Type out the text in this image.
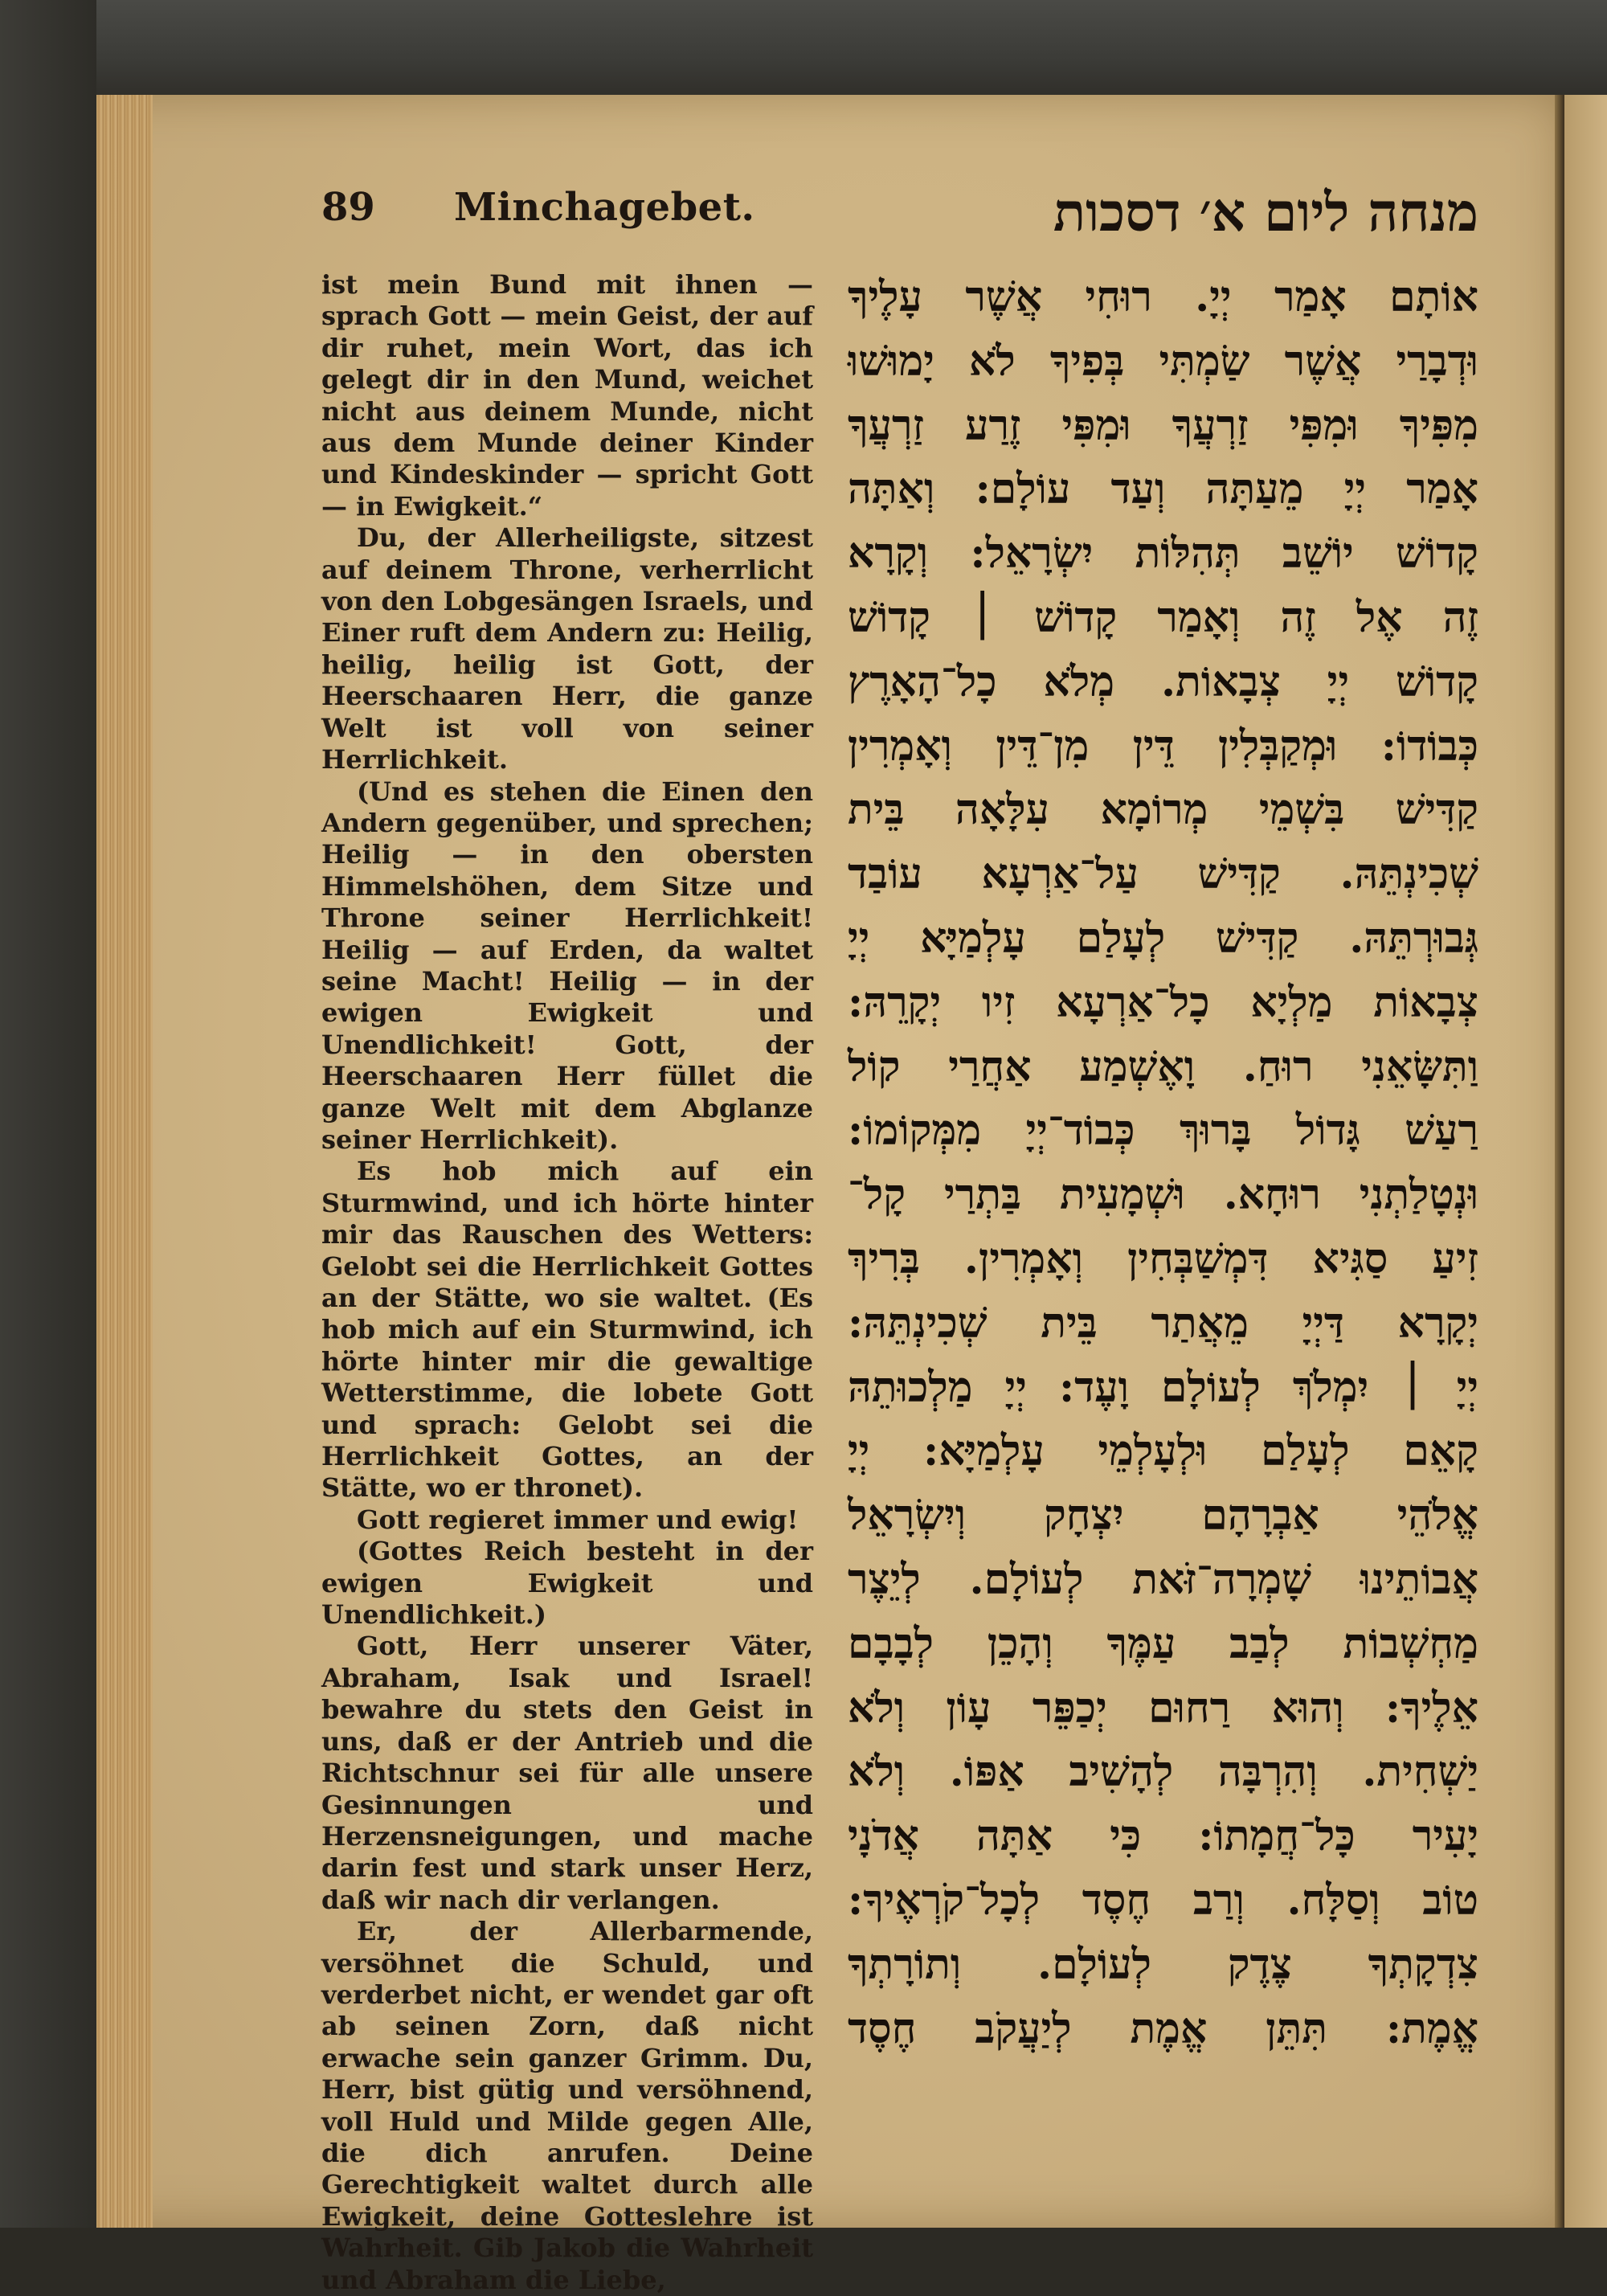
89 Minchagebet.	מנחה ליום א׳ דסכות

ist mein Bund mit ihnen — sprach Gott — mein Geist, der auf dir ruhet, mein Wort, das ich gelegt dir in den Mund, weichet nicht aus deinem Munde, nicht aus dem Munde deiner Kinder und Kindeskinder — spricht Gott — in Ewigkeit.“

Du, der Allerheiligste, sitzest auf deinem Throne, verherrlicht von den Lobgesängen Israels, und Einer ruft dem Andern zu: Heilig, heilig, heilig ist Gott, der Heerschaaren Herr, die ganze Welt ist voll von seiner Herrlichkeit.

(Und es stehen die Einen den Andern gegenüber, und sprechen; Heilig — in den obersten Himmelshöhen, dem Sitze und Throne seiner Herrlichkeit! Heilig — auf Erden, da waltet seine Macht! Heilig — in der ewigen Ewigkeit und Unendlichkeit! Gott, der Heerschaaren Herr füllet die ganze Welt mit dem Abglanze seiner Herrlichkeit).

Es hob mich auf ein Sturmwind, und ich hörte hinter mir das Rauschen des Wetters: Gelobt sei die Herrlichkeit Gottes an der Stätte, wo sie waltet. (Es hob mich auf ein Sturmwind, ich hörte hinter mir die gewaltige Wetterstimme, die lobete Gott und sprach: Gelobt sei die Herrlichkeit Gottes, an der Stätte, wo er thronet).

Gott regieret immer und ewig!

(Gottes Reich besteht in der ewigen Ewigkeit und Unendlichkeit.)

Gott, Herr unserer Väter, Abraham, Isak und Israel! bewahre du stets den Geist in uns, daß er der Antrieb und die Richtschnur sei für alle unsere Gesinnungen und Herzensneigungen, und mache darin fest und stark unser Herz, daß wir nach dir verlangen.

Er, der Allerbarmende, versöhnet die Schuld, und verderbet nicht, er wendet gar oft ab seinen Zorn, daß nicht erwache sein ganzer Grimm. Du, Herr, bist gütig und versöhnend, voll Huld und Milde gegen Alle, die dich anrufen. Deine Gerechtigkeit waltet durch alle Ewigkeit, deine Gotteslehre ist Wahrheit. Gib Jakob die Wahrheit und Abraham die Liebe,

אוֹתָם אָמַר יְיָ. רוּחִי אֲשֶׁר עָלֶיךָ
וּדְבָרַי אֲשֶׁר שַׂמְתִּי בְּפִיךָ לֹא יָמוּשׁוּ
מִפִּיךָ וּמִפִּי זַרְעֲךָ וּמִפִּי זֶרַע זַרְעֲךָ
אָמַר יְיָ מֵעַתָּה וְעַד עוֹלָם: וְאַתָּה
קָדוֹשׁ יוֹשֵׁב תְּהִלּוֹת יִשְׂרָאֵל: וְקָרָא
זֶה אֶל זֶה וְאָמַר קָדוֹשׁ ׀ קָדוֹשׁ
קָדוֹשׁ יְיָ צְבָאוֹת. מְלֹא כָל־הָאָרֶץ
כְּבוֹדוֹ: וּמְקַבְּלִין דֵּין מִן־דֵּין וְאָמְרִין
קַדִּישׁ בִּשְׁמֵי מְרוֹמָא עִלָּאָה בֵּית
שְׁכִינְתֵּהּ. קַדִּישׁ עַל־אַרְעָא עוֹבַד
גְּבוּרְתֵּהּ. קַדִּישׁ לְעָלַם עָלְמַיָּא יְיָ
צְבָאוֹת מַלְיָא כָל־אַרְעָא זִיו יְקָרֵהּ:
וַתִּשָּׂאֵנִי רוּחַ. וָאֶשְׁמַע אַחֲרַי קוֹל
רַעַשׁ גָּדוֹל בָּרוּךְ כְּבוֹד־יְיָ מִמְּקוֹמוֹ:
וּנְטָלַתְנִי רוּחָא. וּשְׁמָעִית בַּתְרַי קָל־
זִיעַ סַגִּיא דִּמְשַׁבְּחִין וְאָמְרִין. בְּרִיךְ
יְקָרָא דַּיְיָ מֵאֲתַר בֵּית שְׁכִינְתֵּהּ:
יְיָ ׀ יִמְלֹךְ לְעוֹלָם וָעֶד: יְיָ מַלְכוּתֵהּ
קָאֵם לְעָלַם וּלְעָלְמֵי עָלְמַיָּא: יְיָ
אֱלֹהֵי אַבְרָהָם יִצְחָק וְיִשְׂרָאֵל
אֲבוֹתֵינוּ שָׁמְרָה־זֹּאת לְעוֹלָם. לְיֵצֶר
מַחְשְׁבוֹת לְבַב עַמֶּךָ וְהָכֵן לְבָבָם
אֵלֶיךָ: וְהוּא רַחוּם יְכַפֵּר עָוֹן וְלֹא
יַשְׁחִית. וְהִרְבָּה לְהָשִׁיב אַפּוֹ. וְלֹא
יָעִיר כָּל־חֲמָתוֹ: כִּי אַתָּה אֲדֹנָי
טוֹב וְסַלָּח. וְרַב חֶסֶד לְכָל־קֹרְאֶיךָ:
צִדְקָתְךָ צֶדֶק לְעוֹלָם. וְתוֹרָתְךָ
אֱמֶת: תִּתֵּן אֱמֶת לְיַעֲקֹב חֶסֶד
